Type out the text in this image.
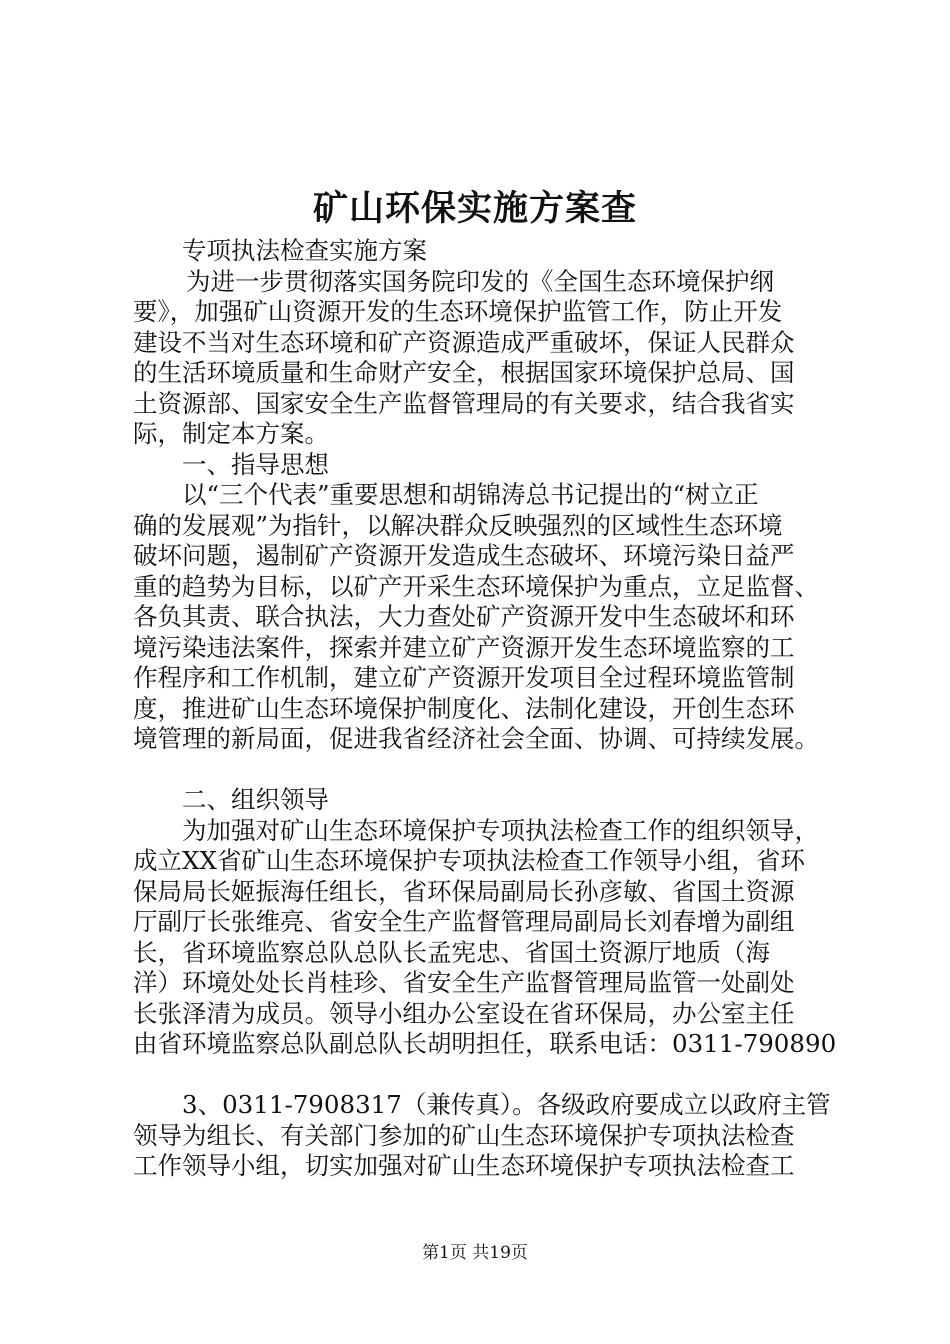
矿山环保实施方案查
专项执法检查实施方案
为进一步贯彻落实国务院印发的《全国生态环境保护纲
要》，加强矿山资源开发的生态环境保护监管工作，防止开发
建设不当对生态环境和矿产资源造成严重破坏，保证人民群众
的生活环境质量和生命财产安全，根据国家环境保护总局、国
土资源部、国家安全生产监督管理局的有关要求，结合我省实
际，制定本方案。
一、指导思想
以“三个代表”重要思想和胡锦涛总书记提出的“树立正
确的发展观”为指针，以解决群众反映强烈的区域性生态环境
破坏问题，遏制矿产资源开发造成生态破坏、环境污染日益严
重的趋势为目标，以矿产开采生态环境保护为重点，立足监督、
各负其责、联合执法，大力查处矿产资源开发中生态破坏和环
境污染违法案件，探索并建立矿产资源开发生态环境监察的工
作程序和工作机制，建立矿产资源开发项目全过程环境监管制
度，推进矿山生态环境保护制度化、法制化建设，开创生态环
境管理的新局面，促进我省经济社会全面、协调、可持续发展。
二、组织领导
为加强对矿山生态环境保护专项执法检查工作的组织领导，
成立XX省矿山生态环境保护专项执法检查工作领导小组，省环
保局局长姬振海任组长，省环保局副局长孙彦敏、省国土资源
厅副厅长张维亮、省安全生产监督管理局副局长刘春增为副组
长，省环境监察总队总队长孟宪忠、省国土资源厅地质（海
洋）环境处处长肖桂珍、省安全生产监督管理局监管一处副处
长张泽清为成员。领导小组办公室设在省环保局，办公室主任
由省环境监察总队副总队长胡明担任，联系电话：0311-790890
3、0311-7908317（兼传真）。各级政府要成立以政府主管
领导为组长、有关部门参加的矿山生态环境保护专项执法检查
工作领导小组，切实加强对矿山生态环境保护专项执法检查工
第1页 共19页
